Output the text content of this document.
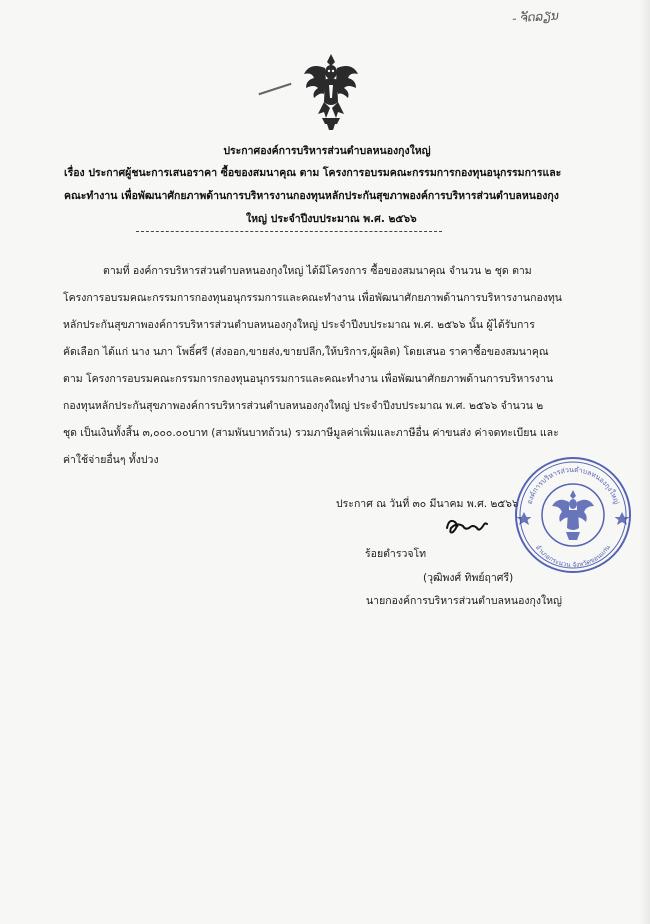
- ຈັດລຽນ
ประกาศองค์การบริหารส่วนตำบลหนองกุงใหญ่
เรื่อง ประกาศผู้ชนะการเสนอราคา ซื้อของสมนาคุณ ตาม โครงการอบรมคณะกรรมการกองทุนอนุกรรมการและ
คณะทำงาน เพื่อพัฒนาศักยภาพด้านการบริหารงานกองทุนหลักประกันสุขภาพองค์การบริหารส่วนตำบลหนองกุง
ใหญ่ ประจำปีงบประมาณ พ.ศ. ๒๕๖๖
ตามที่ องค์การบริหารส่วนตำบลหนองกุงใหญ่ ได้มีโครงการ ซื้อของสมนาคุณ จำนวน ๒ ชุด ตาม
โครงการอบรมคณะกรรมการกองทุนอนุกรรมการและคณะทำงาน เพื่อพัฒนาศักยภาพด้านการบริหารงานกองทุน
หลักประกันสุขภาพองค์การบริหารส่วนตำบลหนองกุงใหญ่ ประจำปีงบประมาณ พ.ศ. ๒๕๖๖ นั้น ผู้ได้รับการ
คัดเลือก ได้แก่ นาง นภา โพธิ์ศรี (ส่งออก,ขายส่ง,ขายปลีก,ให้บริการ,ผู้ผลิต) โดยเสนอ ราคาซื้อของสมนาคุณ
ตาม โครงการอบรมคณะกรรมการกองทุนอนุกรรมการและคณะทำงาน เพื่อพัฒนาศักยภาพด้านการบริหารงาน
กองทุนหลักประกันสุขภาพองค์การบริหารส่วนตำบลหนองกุงใหญ่ ประจำปีงบประมาณ พ.ศ. ๒๕๖๖ จำนวน ๒
ชุด เป็นเงินทั้งสิ้น ๓,๐๐๐.๐๐บาท (สามพันบาทถ้วน) รวมภาษีมูลค่าเพิ่มและภาษีอื่น ค่าขนส่ง ค่าจดทะเบียน และ
ค่าใช้จ่ายอื่นๆ ทั้งปวง
ประกาศ ณ วันที่ ๓๐ มีนาคม พ.ศ. ๒๕๖๖ องค์การบริหารส่วนตำบลหนองกุงใหญ่
อำเภอกระนวน จังหวัดขอนแก่น
ร้อยตำรวจโท
(วุฒิพงศ์ ทิพย์ฤาศรี)
นายกองค์การบริหารส่วนตำบลหนองกุงใหญ่
